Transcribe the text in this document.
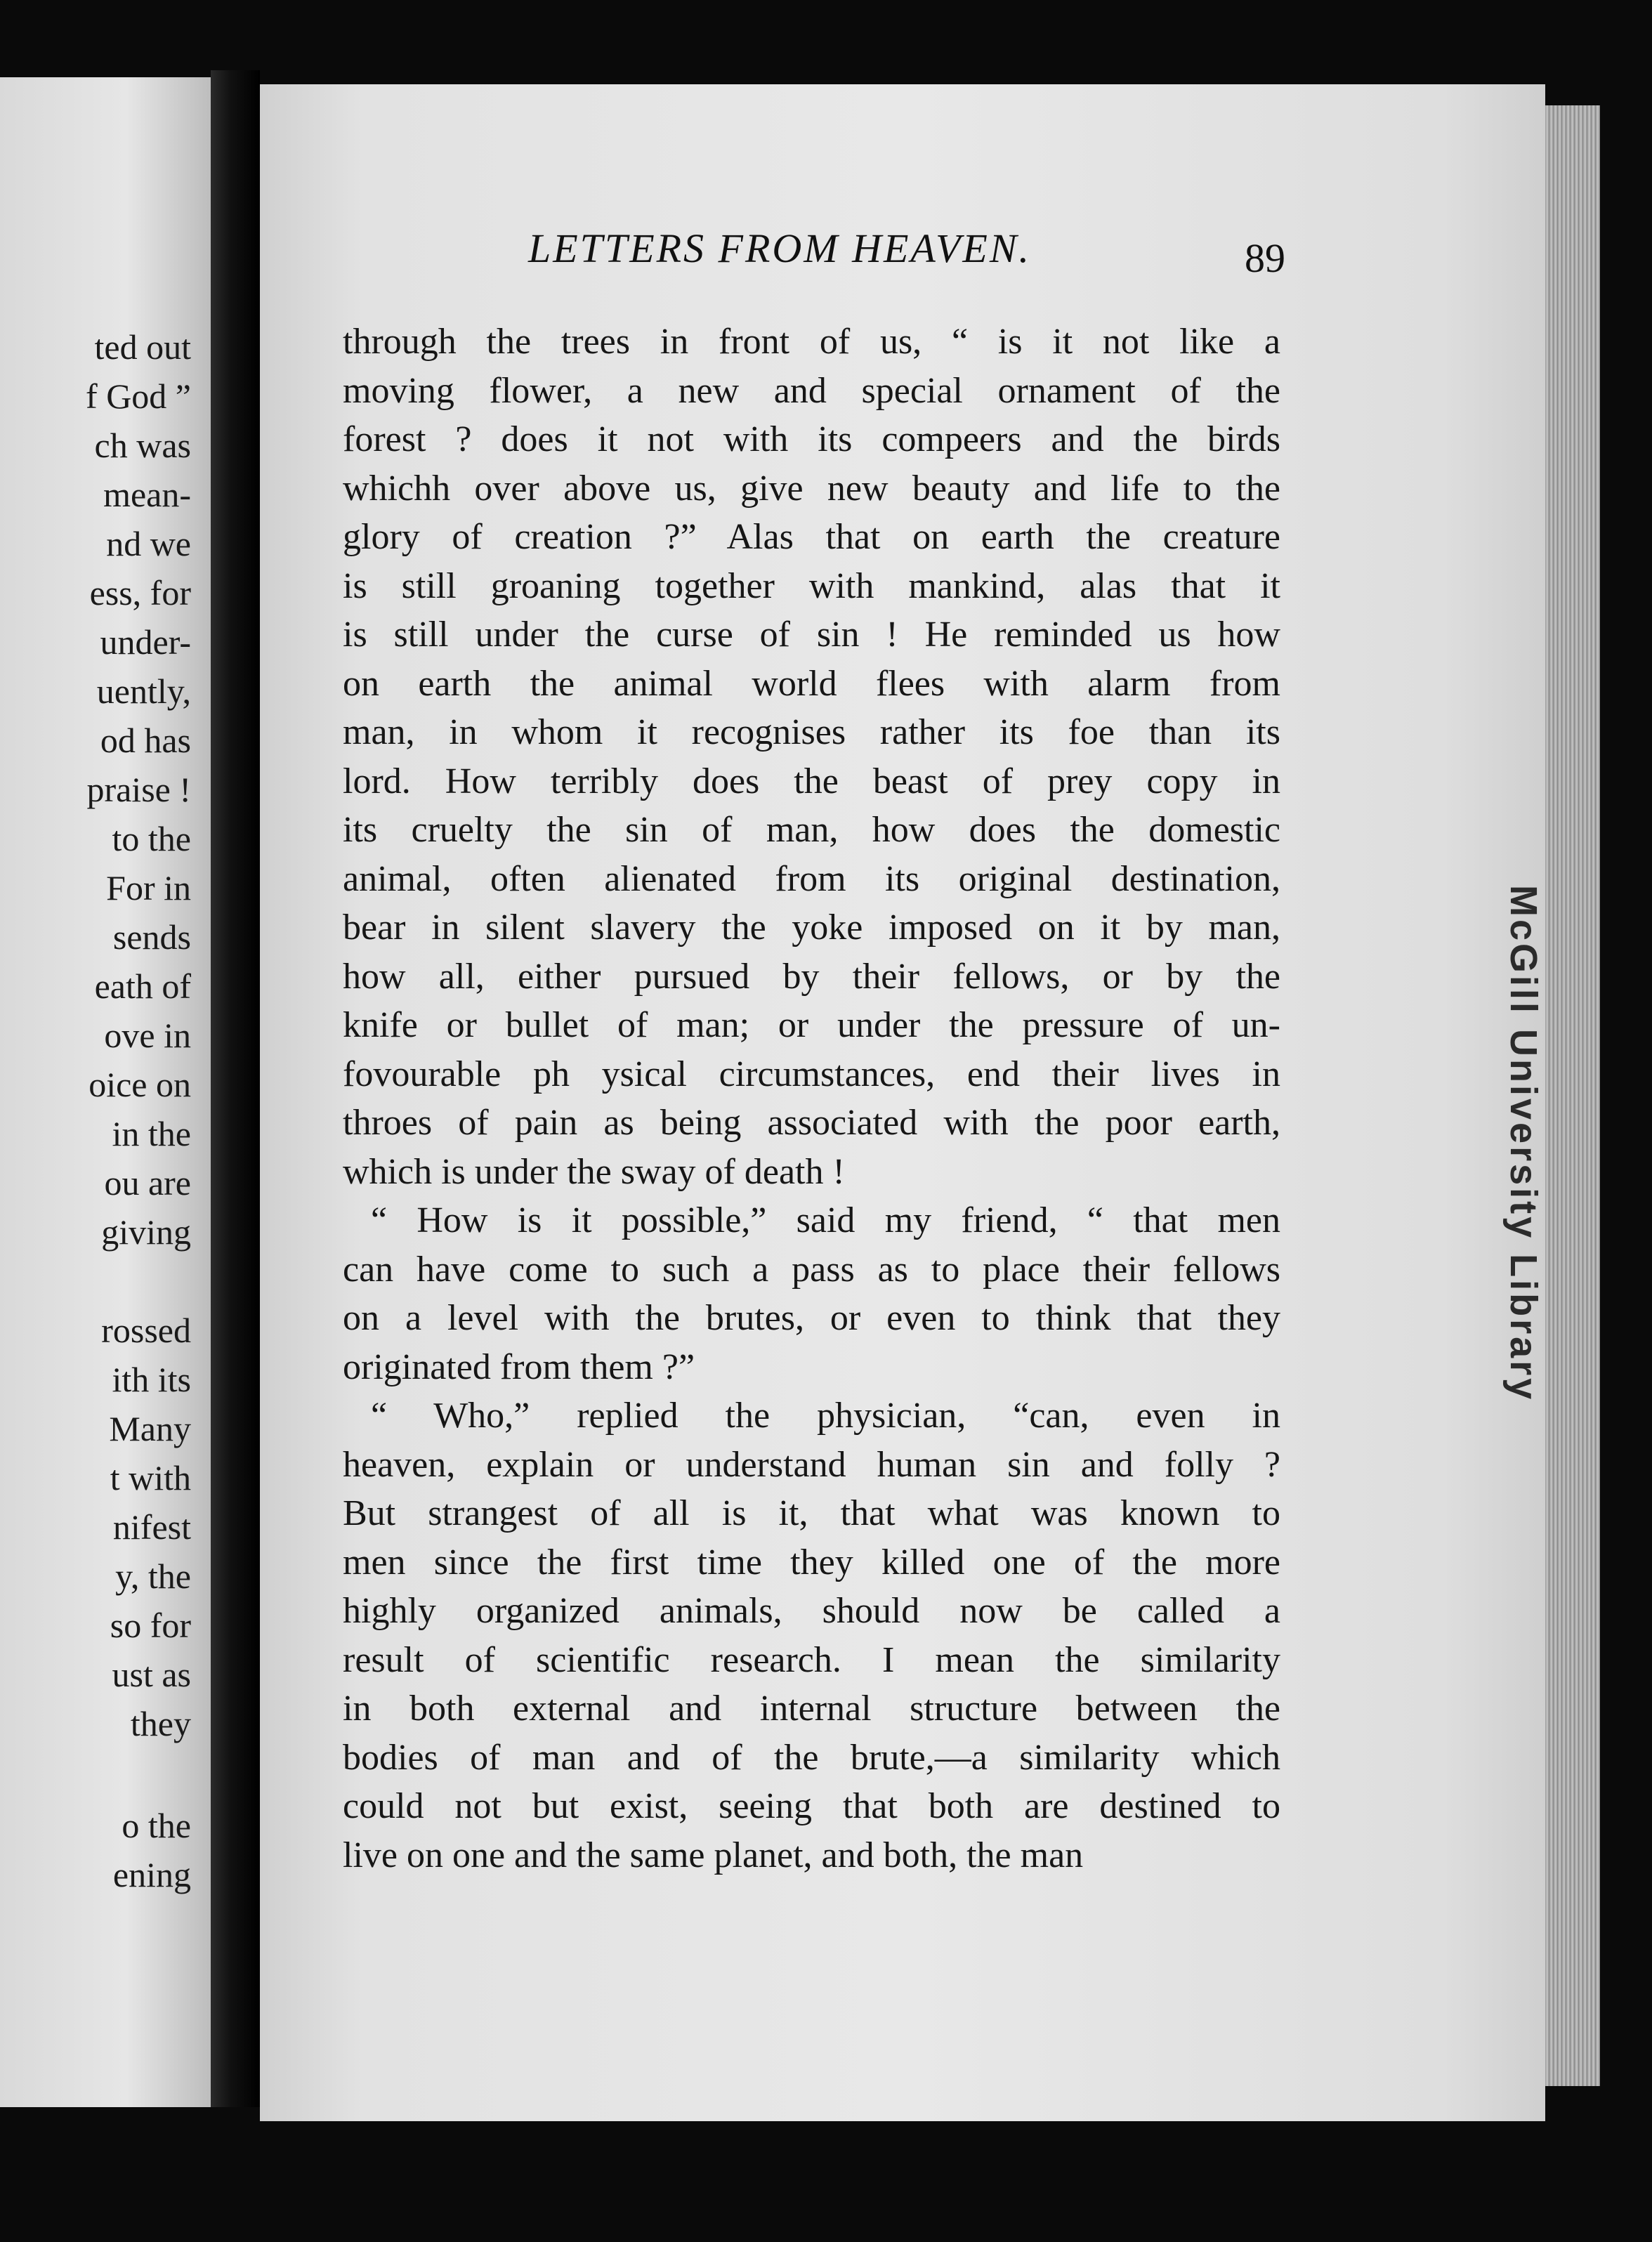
ted out
f God ”
ch was
mean-
nd we
ess, for
under-
uently,
od has
praise !
to the
For in
sends
eath of
ove in
oice on
in the
ou are
giving
rossed
ith its
Many
t with
nifest
y, the
so for
ust as
they
o the
ening
LETTERS FROM HEAVEN.	89
through the trees in front of us, “ is it not like a
moving flower, a new and special ornament of the
forest ? does it not with its compeers and the birds
whichh over above us, give new beauty and life to the
glory of creation ?” Alas that on earth the creature
is still groaning together with mankind, alas that it
is still under the curse of sin ! He reminded us how
on earth the animal world flees with alarm from
man, in whom it recognises rather its foe than its
lord. How terribly does the beast of prey copy in
its cruelty the sin of man, how does the domestic
animal, often alienated from its original destination,
bear in silent slavery the yoke imposed on it by man,
how all, either pursued by their fellows, or by the
knife or bullet of man; or under the pressure of un-
fovourable ph ysical circumstances, end their lives in
throes of pain as being associated with the poor earth,
which is under the sway of death !
“ How is it possible,” said my friend, “ that men
can have come to such a pass as to place their fellows
on a level with the brutes, or even to think that they
originated from them ?”
“ Who,” replied the physician, “can, even in
heaven, explain or understand human sin and folly ?
But strangest of all is it, that what was known to
men since the first time they killed one of the more
highly organized animals, should now be called a
result of scientific research. I mean the similarity
in both external and internal structure between the
bodies of man and of the brute,—a similarity which
could not but exist, seeing that both are destined to
live on one and the same planet, and both, the man
McGill University Library
